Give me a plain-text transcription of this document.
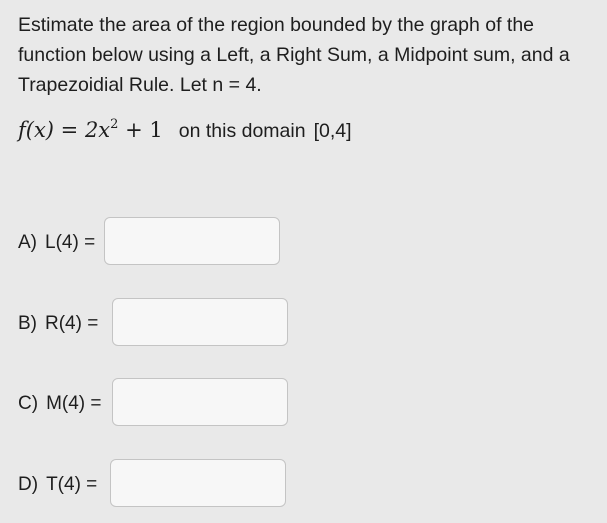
Estimate the area of the region bounded by the graph of the

function below using a Left, a Right Sum, a Midpoint sum, and a

Trapezoidial Rule. Let n = 4.

$f(x) = 2x^2 + 1$ on this domain [0,4]
A) L(4) =
B) R(4) =
C) M(4) =
D) T(4) =
